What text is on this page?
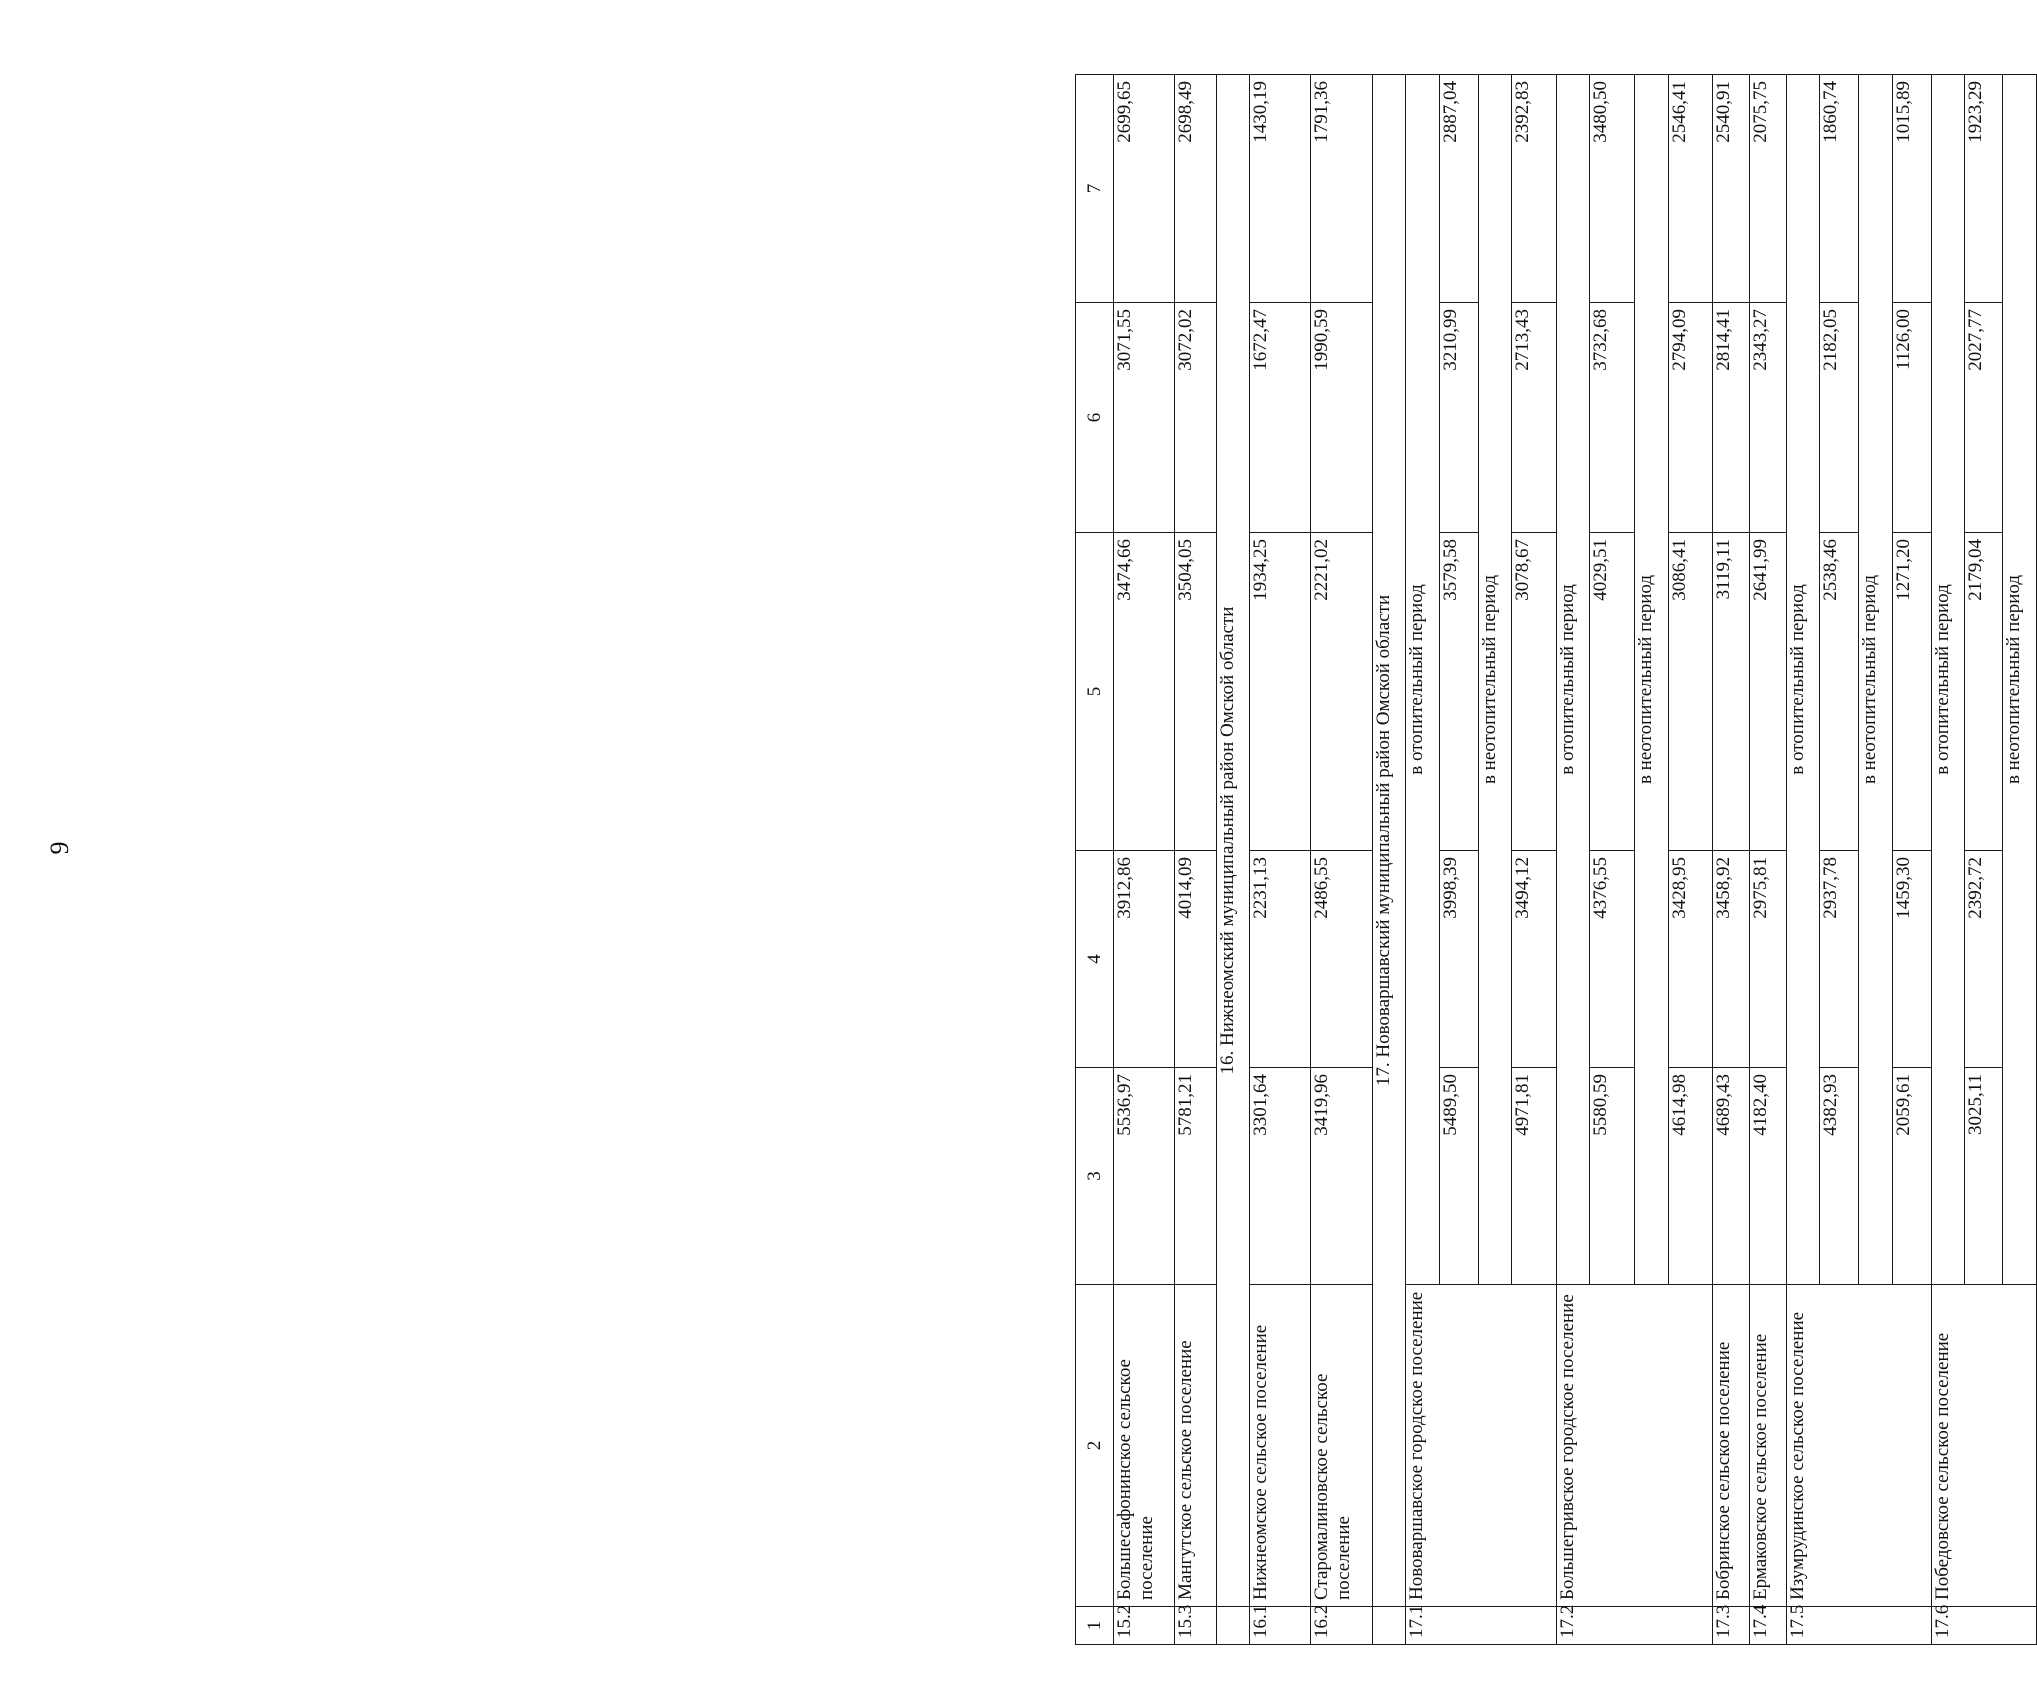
9
1	2	3	4	5	6	7
15.2	Большесафонинское сельское поселение	5536,97	3912,86	3474,66	3071,55	2699,65
15.3	Мангутское сельское поселение	5781,21	4014,09	3504,05	3072,02	2698,49
	16. Нижнеомский муниципальный район Омской области					
16.1	Нижнеомское сельское поселение	3301,64	2231,13	1934,25	1672,47	1430,19
16.2	Старомалиновское сельское поселение	3419,96	2486,55	2221,02	1990,59	1791,36
	17. Нововаршавский муниципальный район Омской области					
17.1	Нововаршавское городское поселение	в отопительный период				
		5489,50	3998,39	3579,58	3210,99	2887,04
		в неотопительный период				
		4971,81	3494,12	3078,67	2713,43	2392,83
17.2	Большегривское городское поселение	в отопительный период				
		5580,59	4376,55	4029,51	3732,68	3480,50
		в неотопительный период				
		4614,98	3428,95	3086,41	2794,09	2546,41
17.3	Бобринское сельское поселение	4689,43	3458,92	3119,11	2814,41	2540,91
17.4	Ермаковское сельское поселение	4182,40	2975,81	2641,99	2343,27	2075,75
17.5	Изумрудинское сельское поселение	в отопительный период				
		4382,93	2937,78	2538,46	2182,05	1860,74
		в неотопительный период				
		2059,61	1459,30	1271,20	1126,00	1015,89
17.6	Победовское сельское поселение	в отопительный период				
		3025,11	2392,72	2179,04	2027,77	1923,29
		в неотопительный период				
